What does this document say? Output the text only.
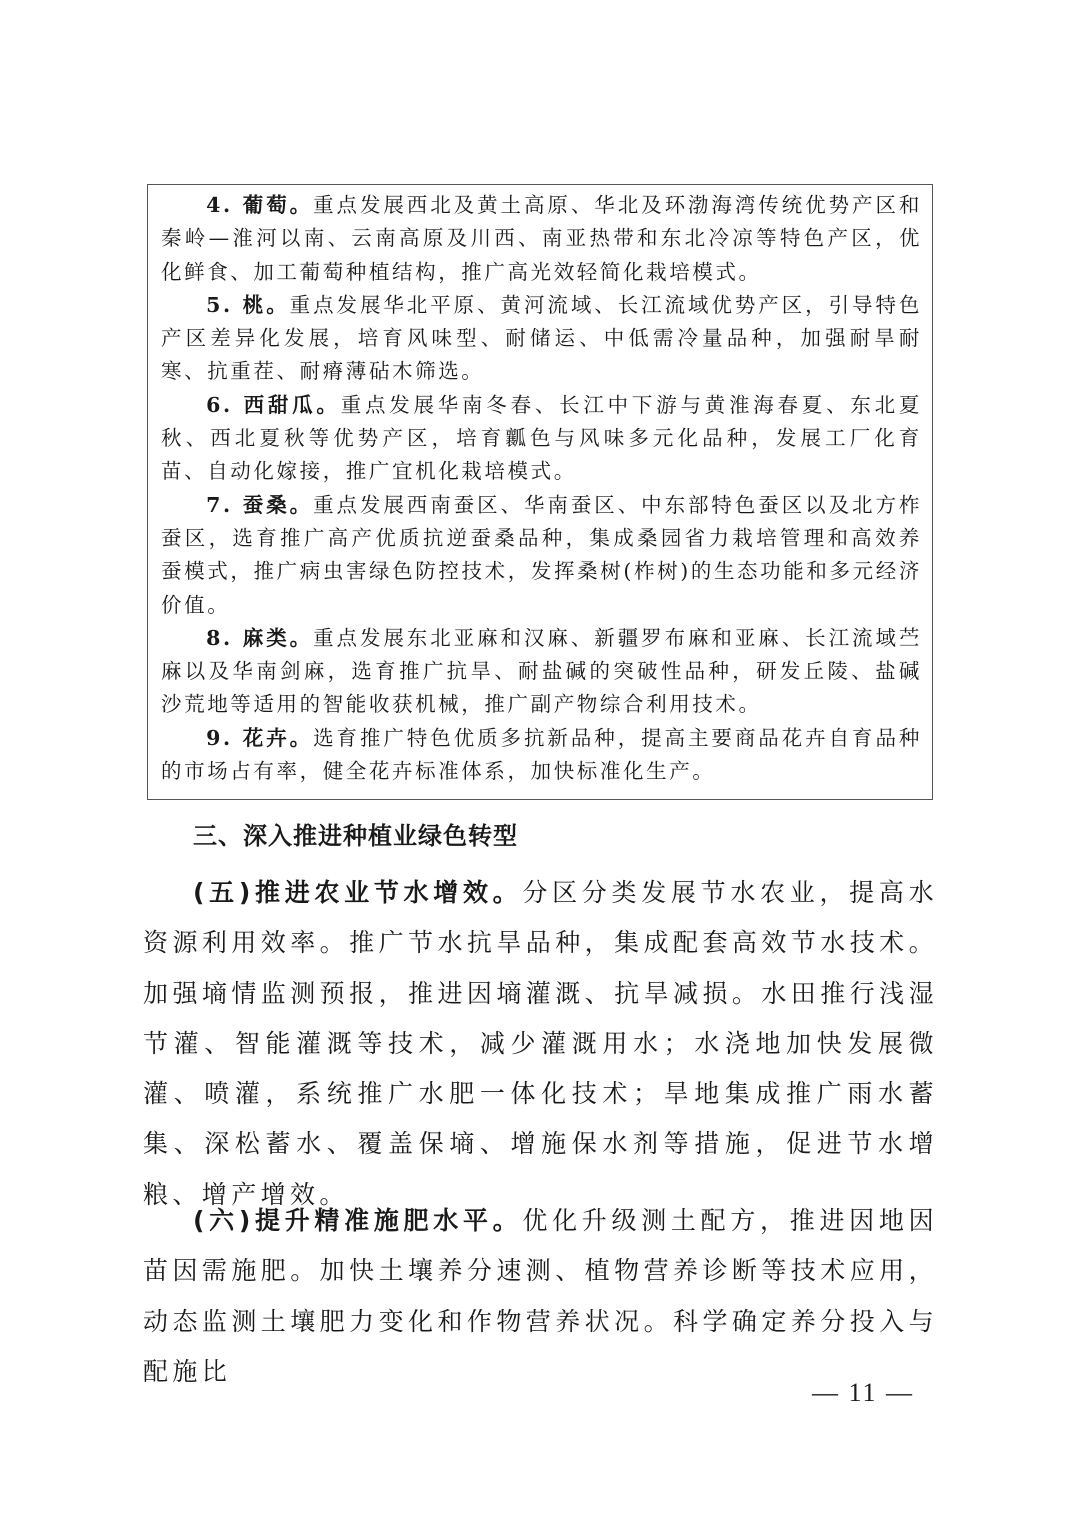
4. 葡萄。重点发展西北及黄土高原、华北及环渤海湾传统优势产区和秦岭—淮河以南、云南高原及川西、南亚热带和东北冷凉等特色产区，优化鲜食、加工葡萄种植结构，推广高光效轻简化栽培模式。

5. 桃。重点发展华北平原、黄河流域、长江流域优势产区，引导特色产区差异化发展，培育风味型、耐储运、中低需冷量品种，加强耐旱耐寒、抗重茬、耐瘠薄砧木筛选。

6. 西甜瓜。重点发展华南冬春、长江中下游与黄淮海春夏、东北夏秋、西北夏秋等优势产区，培育瓤色与风味多元化品种，发展工厂化育苗、自动化嫁接，推广宜机化栽培模式。

7. 蚕桑。重点发展西南蚕区、华南蚕区、中东部特色蚕区以及北方柞蚕区，选育推广高产优质抗逆蚕桑品种，集成桑园省力栽培管理和高效养蚕模式，推广病虫害绿色防控技术，发挥桑树(柞树)的生态功能和多元经济价值。

8. 麻类。重点发展东北亚麻和汉麻、新疆罗布麻和亚麻、长江流域苎麻以及华南剑麻，选育推广抗旱、耐盐碱的突破性品种，研发丘陵、盐碱沙荒地等适用的智能收获机械，推广副产物综合利用技术。

9. 花卉。选育推广特色优质多抗新品种，提高主要商品花卉自育品种的市场占有率，健全花卉标准体系，加快标准化生产。

三、深入推进种植业绿色转型

(五)推进农业节水增效。分区分类发展节水农业，提高水资源利用效率。推广节水抗旱品种，集成配套高效节水技术。加强墒情监测预报，推进因墒灌溉、抗旱减损。水田推行浅湿节灌、智能灌溉等技术，减少灌溉用水；水浇地加快发展微灌、喷灌，系统推广水肥一体化技术；旱地集成推广雨水蓄集、深松蓄水、覆盖保墒、增施保水剂等措施，促进节水增粮、增产增效。

(六)提升精准施肥水平。优化升级测土配方，推进因地因苗因需施肥。加快土壤养分速测、植物营养诊断等技术应用，动态监测土壤肥力变化和作物营养状况。科学确定养分投入与配施比

— 11 —
